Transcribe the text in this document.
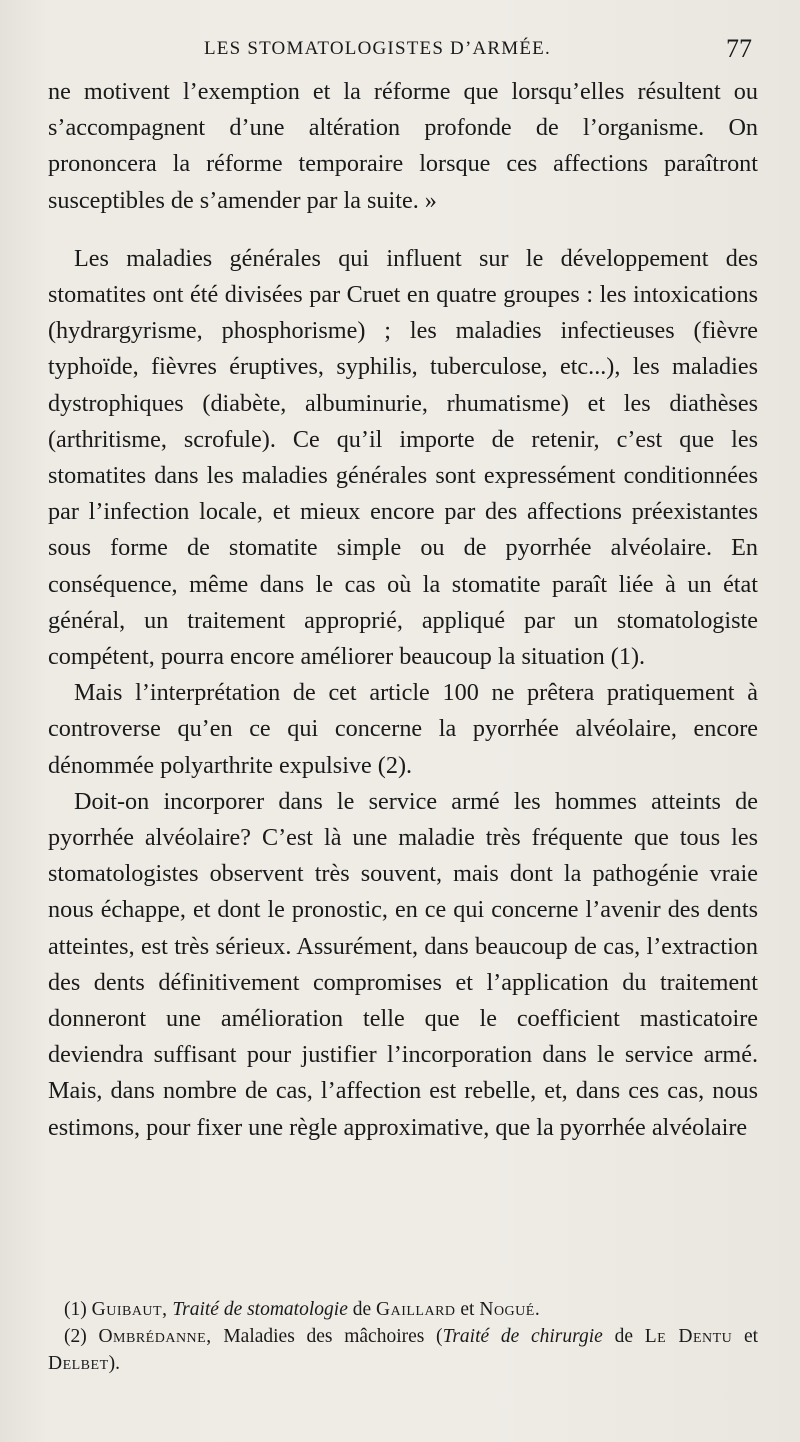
LES STOMATOLOGISTES D’ARMÉE.	77

ne motivent l’exemption et la réforme que lorsqu’elles résultent ou s’accompagnent d’une altération profonde de l’organisme. On prononcera la réforme temporaire lorsque ces affections paraîtront susceptibles de s’amender par la suite. »

Les maladies générales qui influent sur le développement des stomatites ont été divisées par Cruet en quatre groupes : les intoxications (hydrargyrisme, phosphorisme) ; les maladies infectieuses (fièvre typhoïde, fièvres éruptives, syphilis, tuberculose, etc...), les maladies dystrophiques (diabète, albuminurie, rhumatisme) et les diathèses (arthritisme, scrofule). Ce qu’il importe de retenir, c’est que les stomatites dans les maladies générales sont expressément conditionnées par l’infection locale, et mieux encore par des affections préexistantes sous forme de stomatite simple ou de pyorrhée alvéolaire. En conséquence, même dans le cas où la stomatite paraît liée à un état général, un traitement approprié, appliqué par un stomatologiste compétent, pourra encore améliorer beaucoup la situation (1).

Mais l’interprétation de cet article 100 ne prêtera pratiquement à controverse qu’en ce qui concerne la pyorrhée alvéolaire, encore dénommée polyarthrite expulsive (2).

Doit-on incorporer dans le service armé les hommes atteints de pyorrhée alvéolaire? C’est là une maladie très fréquente que tous les stomatologistes observent très souvent, mais dont la pathogénie vraie nous échappe, et dont le pronostic, en ce qui concerne l’avenir des dents atteintes, est très sérieux. Assurément, dans beaucoup de cas, l’extraction des dents définitivement compromises et l’application du traitement donneront une amélioration telle que le coefficient masticatoire deviendra suffisant pour justifier l’incorporation dans le service armé. Mais, dans nombre de cas, l’affection est rebelle, et, dans ces cas, nous estimons, pour fixer une règle approximative, que la pyorrhée alvéolaire

(1) Guibaut, Traité de stomatologie de Gaillard et Nogué.

(2) Ombrédanne, Maladies des mâchoires (Traité de chirurgie de Le Dentu et Delbet).
